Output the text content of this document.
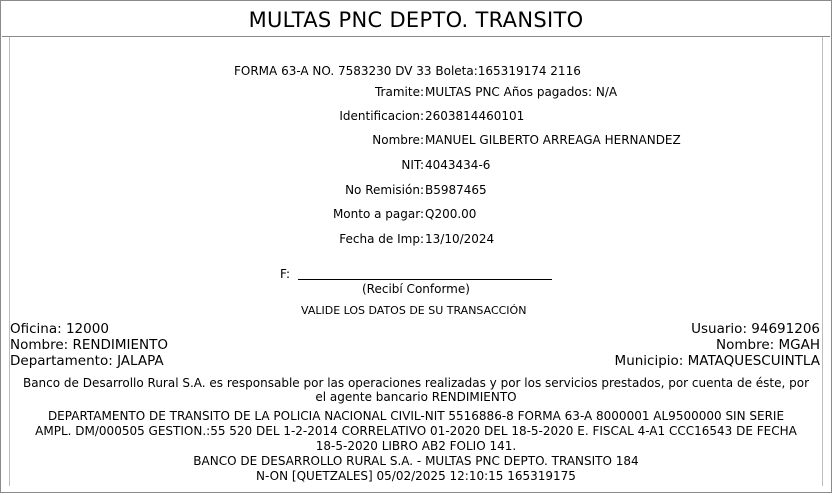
MULTAS PNC DEPTO. TRANSITO
FORMA 63-A NO. 7583230 DV 33 Boleta:165319174 2116
Tramite: MULTAS PNC Años pagados: N/A
Identificacion: 2603814460101
Nombre: MANUEL GILBERTO ARREAGA HERNANDEZ
NIT: 4043434-6
No Remisión: B5987465
Monto a pagar: Q200.00
Fecha de Imp: 13/10/2024
F:
(Recibí Conforme)
VALIDE LOS DATOS DE SU TRANSACCIÓN
Oficina: 12000
Nombre: RENDIMIENTO
Departamento: JALAPA
Usuario: 94691206
Nombre: MGAH
Municipio: MATAQUESCUINTLA
Banco de Desarrollo Rural S.A. es responsable por las operaciones realizadas y por los servicios prestados, por cuenta de éste, por
el agente bancario RENDIMIENTO
DEPARTAMENTO DE TRANSITO DE LA POLICIA NACIONAL CIVIL-NIT 5516886-8 FORMA 63-A 8000001 AL9500000 SIN SERIE
AMPL. DM/000505 GESTION.:55 520 DEL 1-2-2014 CORRELATIVO 01-2020 DEL 18-5-2020 E. FISCAL 4-A1 CCC16543 DE FECHA
18-5-2020 LIBRO AB2 FOLIO 141.
BANCO DE DESARROLLO RURAL S.A. - MULTAS PNC DEPTO. TRANSITO 184
N-ON [QUETZALES] 05/02/2025 12:10:15 165319175
